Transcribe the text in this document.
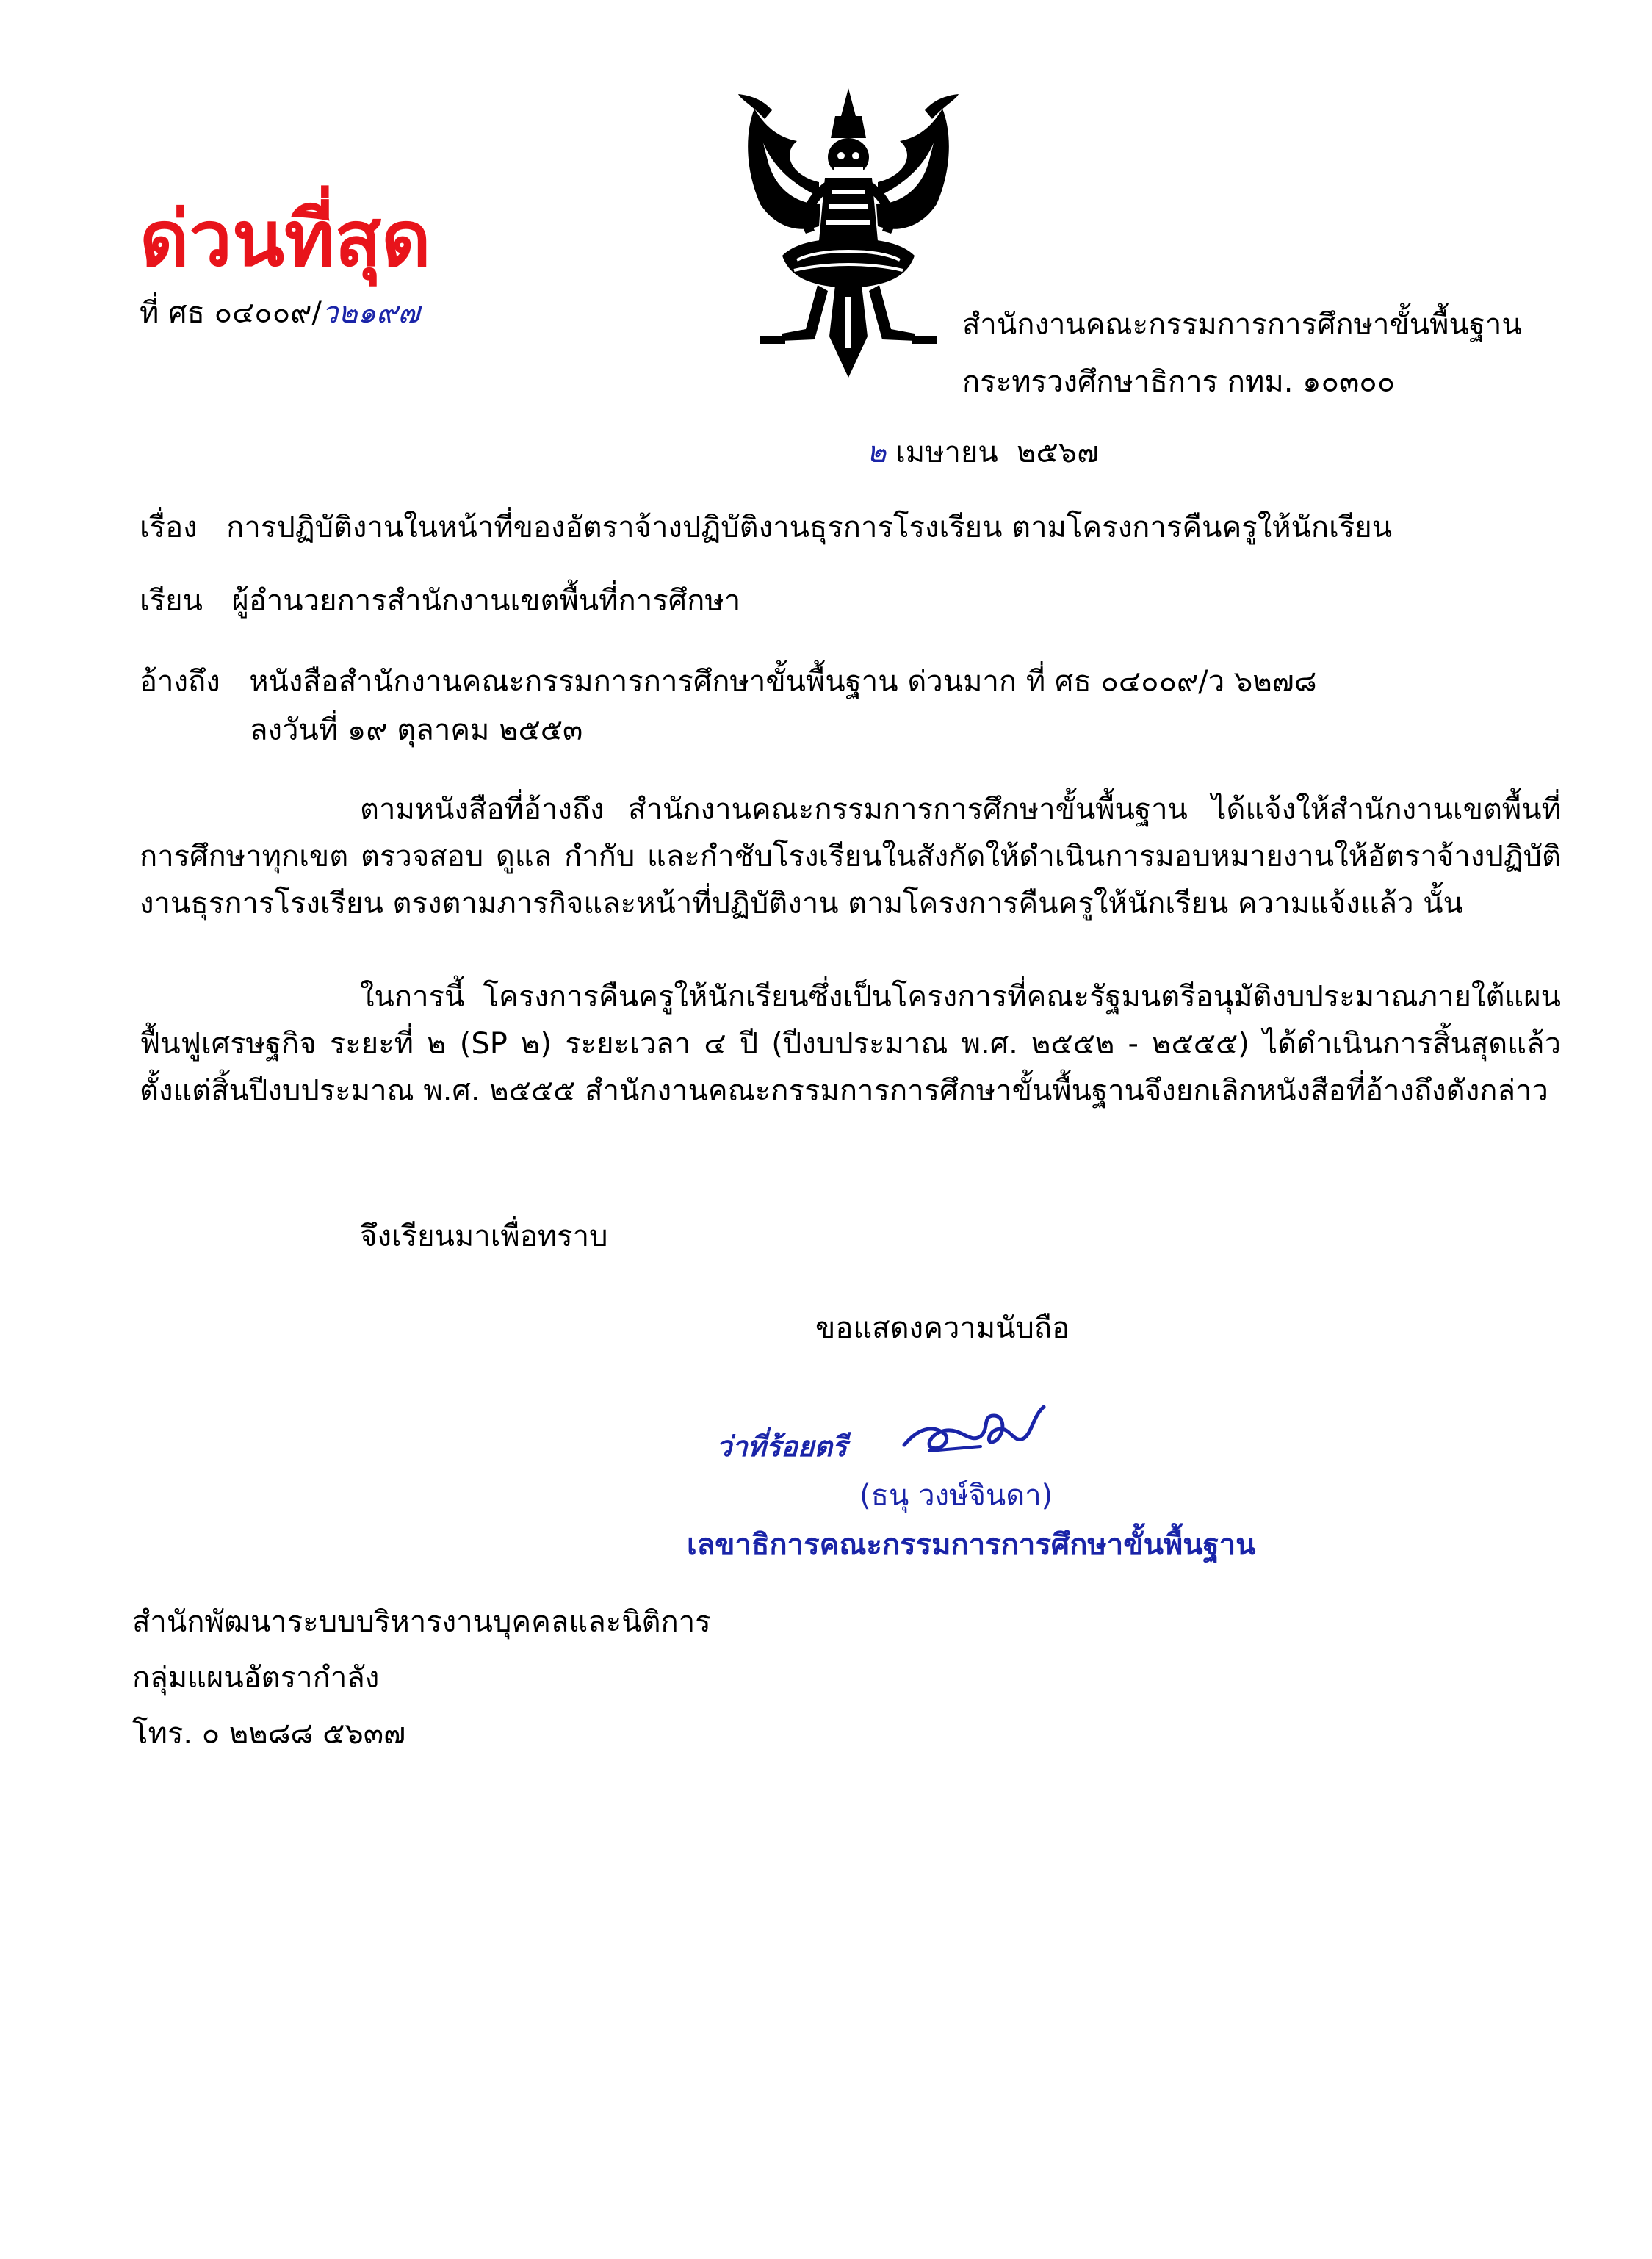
ด่วนที่สุด
ที่ ศธ ๐๔๐๐๙/ว๒๑๙๗	สำนักงานคณะกรรมการการศึกษาขั้นพื้นฐาน
กระทรวงศึกษาธิการ กทม. ๑๐๓๐๐
๒ เมษายน  ๒๕๖๗
เรื่อง การปฏิบัติงานในหน้าที่ของอัตราจ้างปฏิบัติงานธุรการโรงเรียน ตามโครงการคืนครูให้นักเรียน
เรียน ผู้อำนวยการสำนักงานเขตพื้นที่การศึกษา
อ้างถึง หนังสือสำนักงานคณะกรรมการการศึกษาขั้นพื้นฐาน ด่วนมาก ที่ ศธ ๐๔๐๐๙/ว ๖๒๗๘
ลงวันที่ ๑๙ ตุลาคม ๒๕๕๓
ตามหนังสือที่อ้างถึง สำนักงานคณะกรรมการการศึกษาขั้นพื้นฐาน ได้แจ้งให้สำนักงานเขตพื้นที่การศึกษาทุกเขต ตรวจสอบ ดูแล กำกับ และกำชับโรงเรียนในสังกัดให้ดำเนินการมอบหมายงานให้อัตราจ้างปฏิบัติงานธุรการโรงเรียน ตรงตามภารกิจและหน้าที่ปฏิบัติงาน ตามโครงการคืนครูให้นักเรียน ความแจ้งแล้ว นั้น
ในการนี้ โครงการคืนครูให้นักเรียนซึ่งเป็นโครงการที่คณะรัฐมนตรีอนุมัติงบประมาณภายใต้แผนฟื้นฟูเศรษฐกิจ ระยะที่ ๒ (SP ๒) ระยะเวลา ๔ ปี (ปีงบประมาณ พ.ศ. ๒๕๕๒ - ๒๕๕๕) ได้ดำเนินการสิ้นสุดแล้ว ตั้งแต่สิ้นปีงบประมาณ พ.ศ. ๒๕๕๕ สำนักงานคณะกรรมการการศึกษาขั้นพื้นฐานจึงยกเลิกหนังสือที่อ้างถึงดังกล่าว
จึงเรียนมาเพื่อทราบ
ขอแสดงความนับถือ
ว่าที่ร้อยตรี
(ธนุ วงษ์จินดา)
เลขาธิการคณะกรรมการการศึกษาขั้นพื้นฐาน
สำนักพัฒนาระบบบริหารงานบุคคลและนิติการ
กลุ่มแผนอัตรากำลัง
โทร. ๐ ๒๒๘๘ ๕๖๓๗
